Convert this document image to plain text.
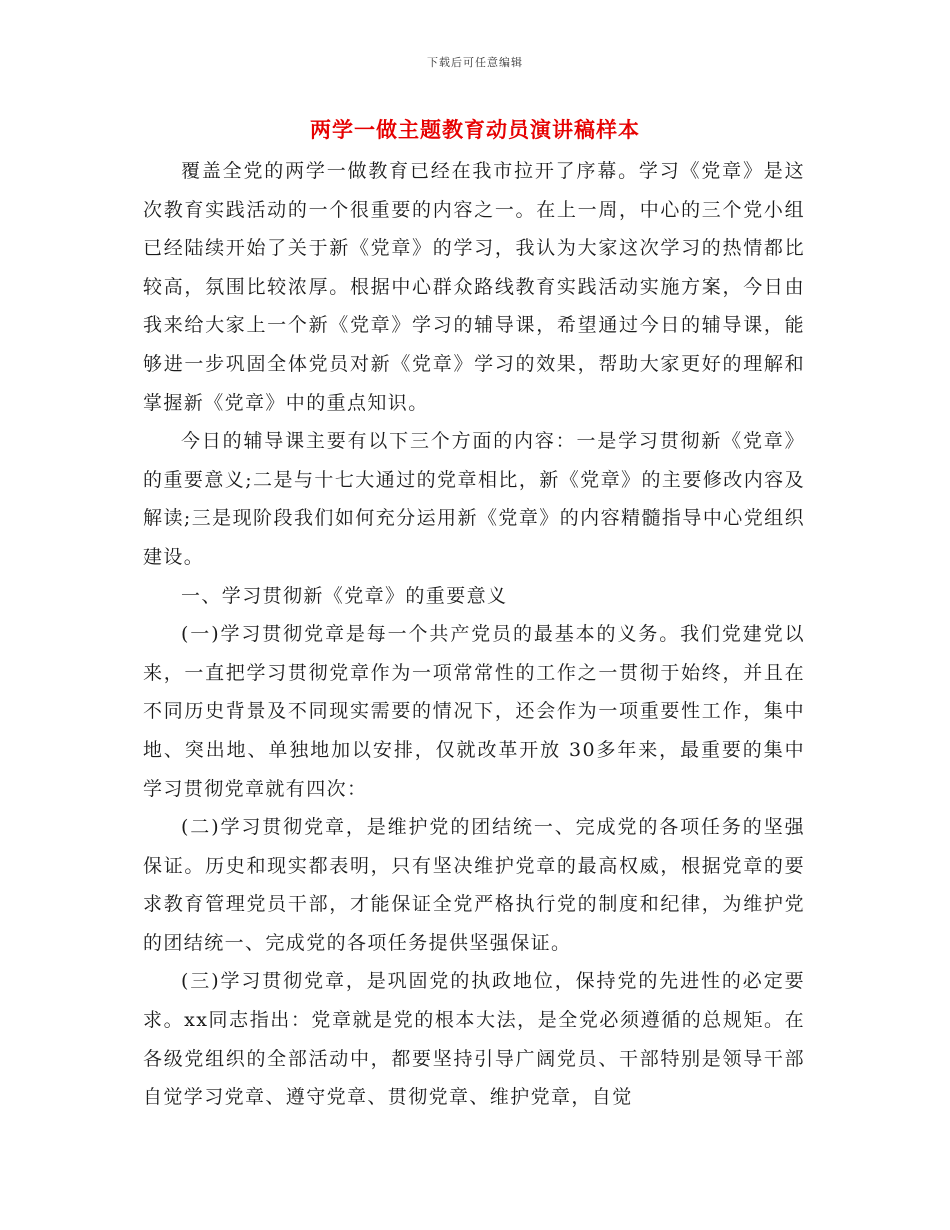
下载后可任意编辑
两学一做主题教育动员演讲稿样本

覆盖全党的两学一做教育已经在我市拉开了序幕。学习《党章》是这次教育实践活动的一个很重要的内容之一。在上一周，中心的三个党小组已经陆续开始了关于新《党章》的学习，我认为大家这次学习的热情都比较高，氛围比较浓厚。根据中心群众路线教育实践活动实施方案，今日由我来给大家上一个新《党章》学习的辅导课，希望通过今日的辅导课，能够进一步巩固全体党员对新《党章》学习的效果，帮助大家更好的理解和掌握新《党章》中的重点知识。

今日的辅导课主要有以下三个方面的内容：一是学习贯彻新《党章》的重要意义;二是与十七大通过的党章相比，新《党章》的主要修改内容及解读;三是现阶段我们如何充分运用新《党章》的内容精髓指导中心党组织建设。

一、学习贯彻新《党章》的重要意义

(一)学习贯彻党章是每一个共产党员的最基本的义务。我们党建党以来，一直把学习贯彻党章作为一项常常性的工作之一贯彻于始终，并且在不同历史背景及不同现实需要的情况下，还会作为一项重要性工作，集中地、突出地、单独地加以安排，仅就改革开放 30多年来，最重要的集中学习贯彻党章就有四次：

(二)学习贯彻党章，是维护党的团结统一、完成党的各项任务的坚强保证。历史和现实都表明，只有坚决维护党章的最高权威，根据党章的要求教育管理党员干部，才能保证全党严格执行党的制度和纪律，为维护党的团结统一、完成党的各项任务提供坚强保证。

(三)学习贯彻党章，是巩固党的执政地位，保持党的先进性的必定要求。xx同志指出：党章就是党的根本大法，是全党必须遵循的总规矩。在各级党组织的全部活动中，都要坚持引导广阔党员、干部特别是领导干部自觉学习党章、遵守党章、贯彻党章、维护党章，自觉
